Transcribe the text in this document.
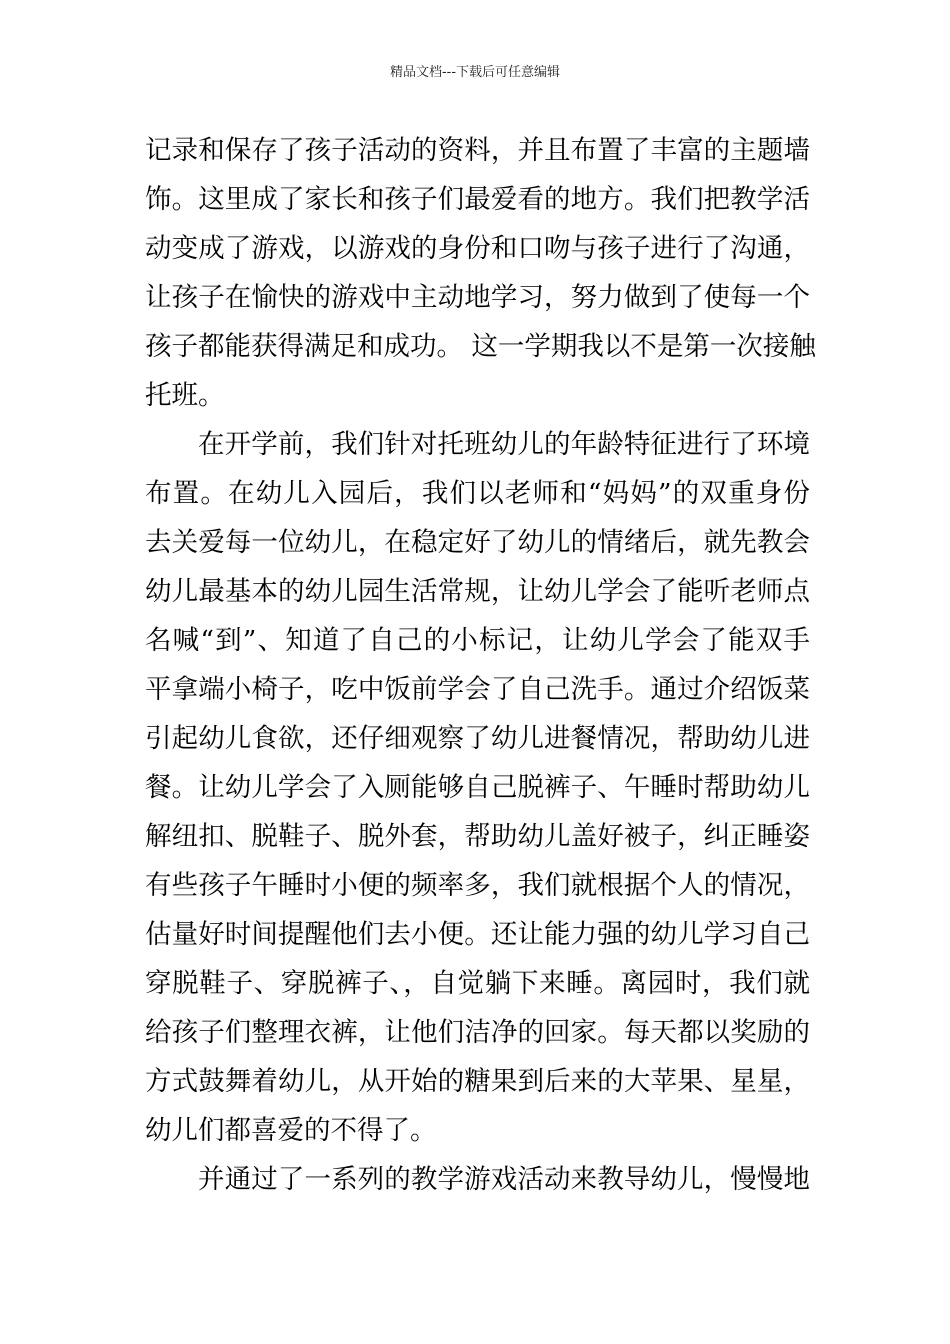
精品文档---下载后可任意编辑
记录和保存了孩子活动的资料，并且布置了丰富的主题墙
饰。这里成了家长和孩子们最爱看的地方。我们把教学活
动变成了游戏，以游戏的身份和口吻与孩子进行了沟通，
让孩子在愉快的游戏中主动地学习，努力做到了使每一个
孩子都能获得满足和成功。 这一学期我以不是第一次接触
托班。
在开学前，我们针对托班幼儿的年龄特征进行了环境
布置。在幼儿入园后，我们以老师和“妈妈”的双重身份
去关爱每一位幼儿，在稳定好了幼儿的情绪后，就先教会
幼儿最基本的幼儿园生活常规，让幼儿学会了能听老师点
名喊“到”、知道了自己的小标记，让幼儿学会了能双手
平拿端小椅子，吃中饭前学会了自己洗手。通过介绍饭菜
引起幼儿食欲，还仔细观察了幼儿进餐情况，帮助幼儿进
餐。让幼儿学会了入厕能够自己脱裤子、午睡时帮助幼儿
解纽扣、脱鞋子、脱外套，帮助幼儿盖好被子，纠正睡姿
有些孩子午睡时小便的频率多，我们就根据个人的情况，
估量好时间提醒他们去小便。还让能力强的幼儿学习自己
穿脱鞋子、穿脱裤子、，自觉躺下来睡。离园时，我们就
给孩子们整理衣裤，让他们洁净的回家。每天都以奖励的
方式鼓舞着幼儿，从开始的糖果到后来的大苹果、星星，
幼儿们都喜爱的不得了。
并通过了一系列的教学游戏活动来教导幼儿，慢慢地
